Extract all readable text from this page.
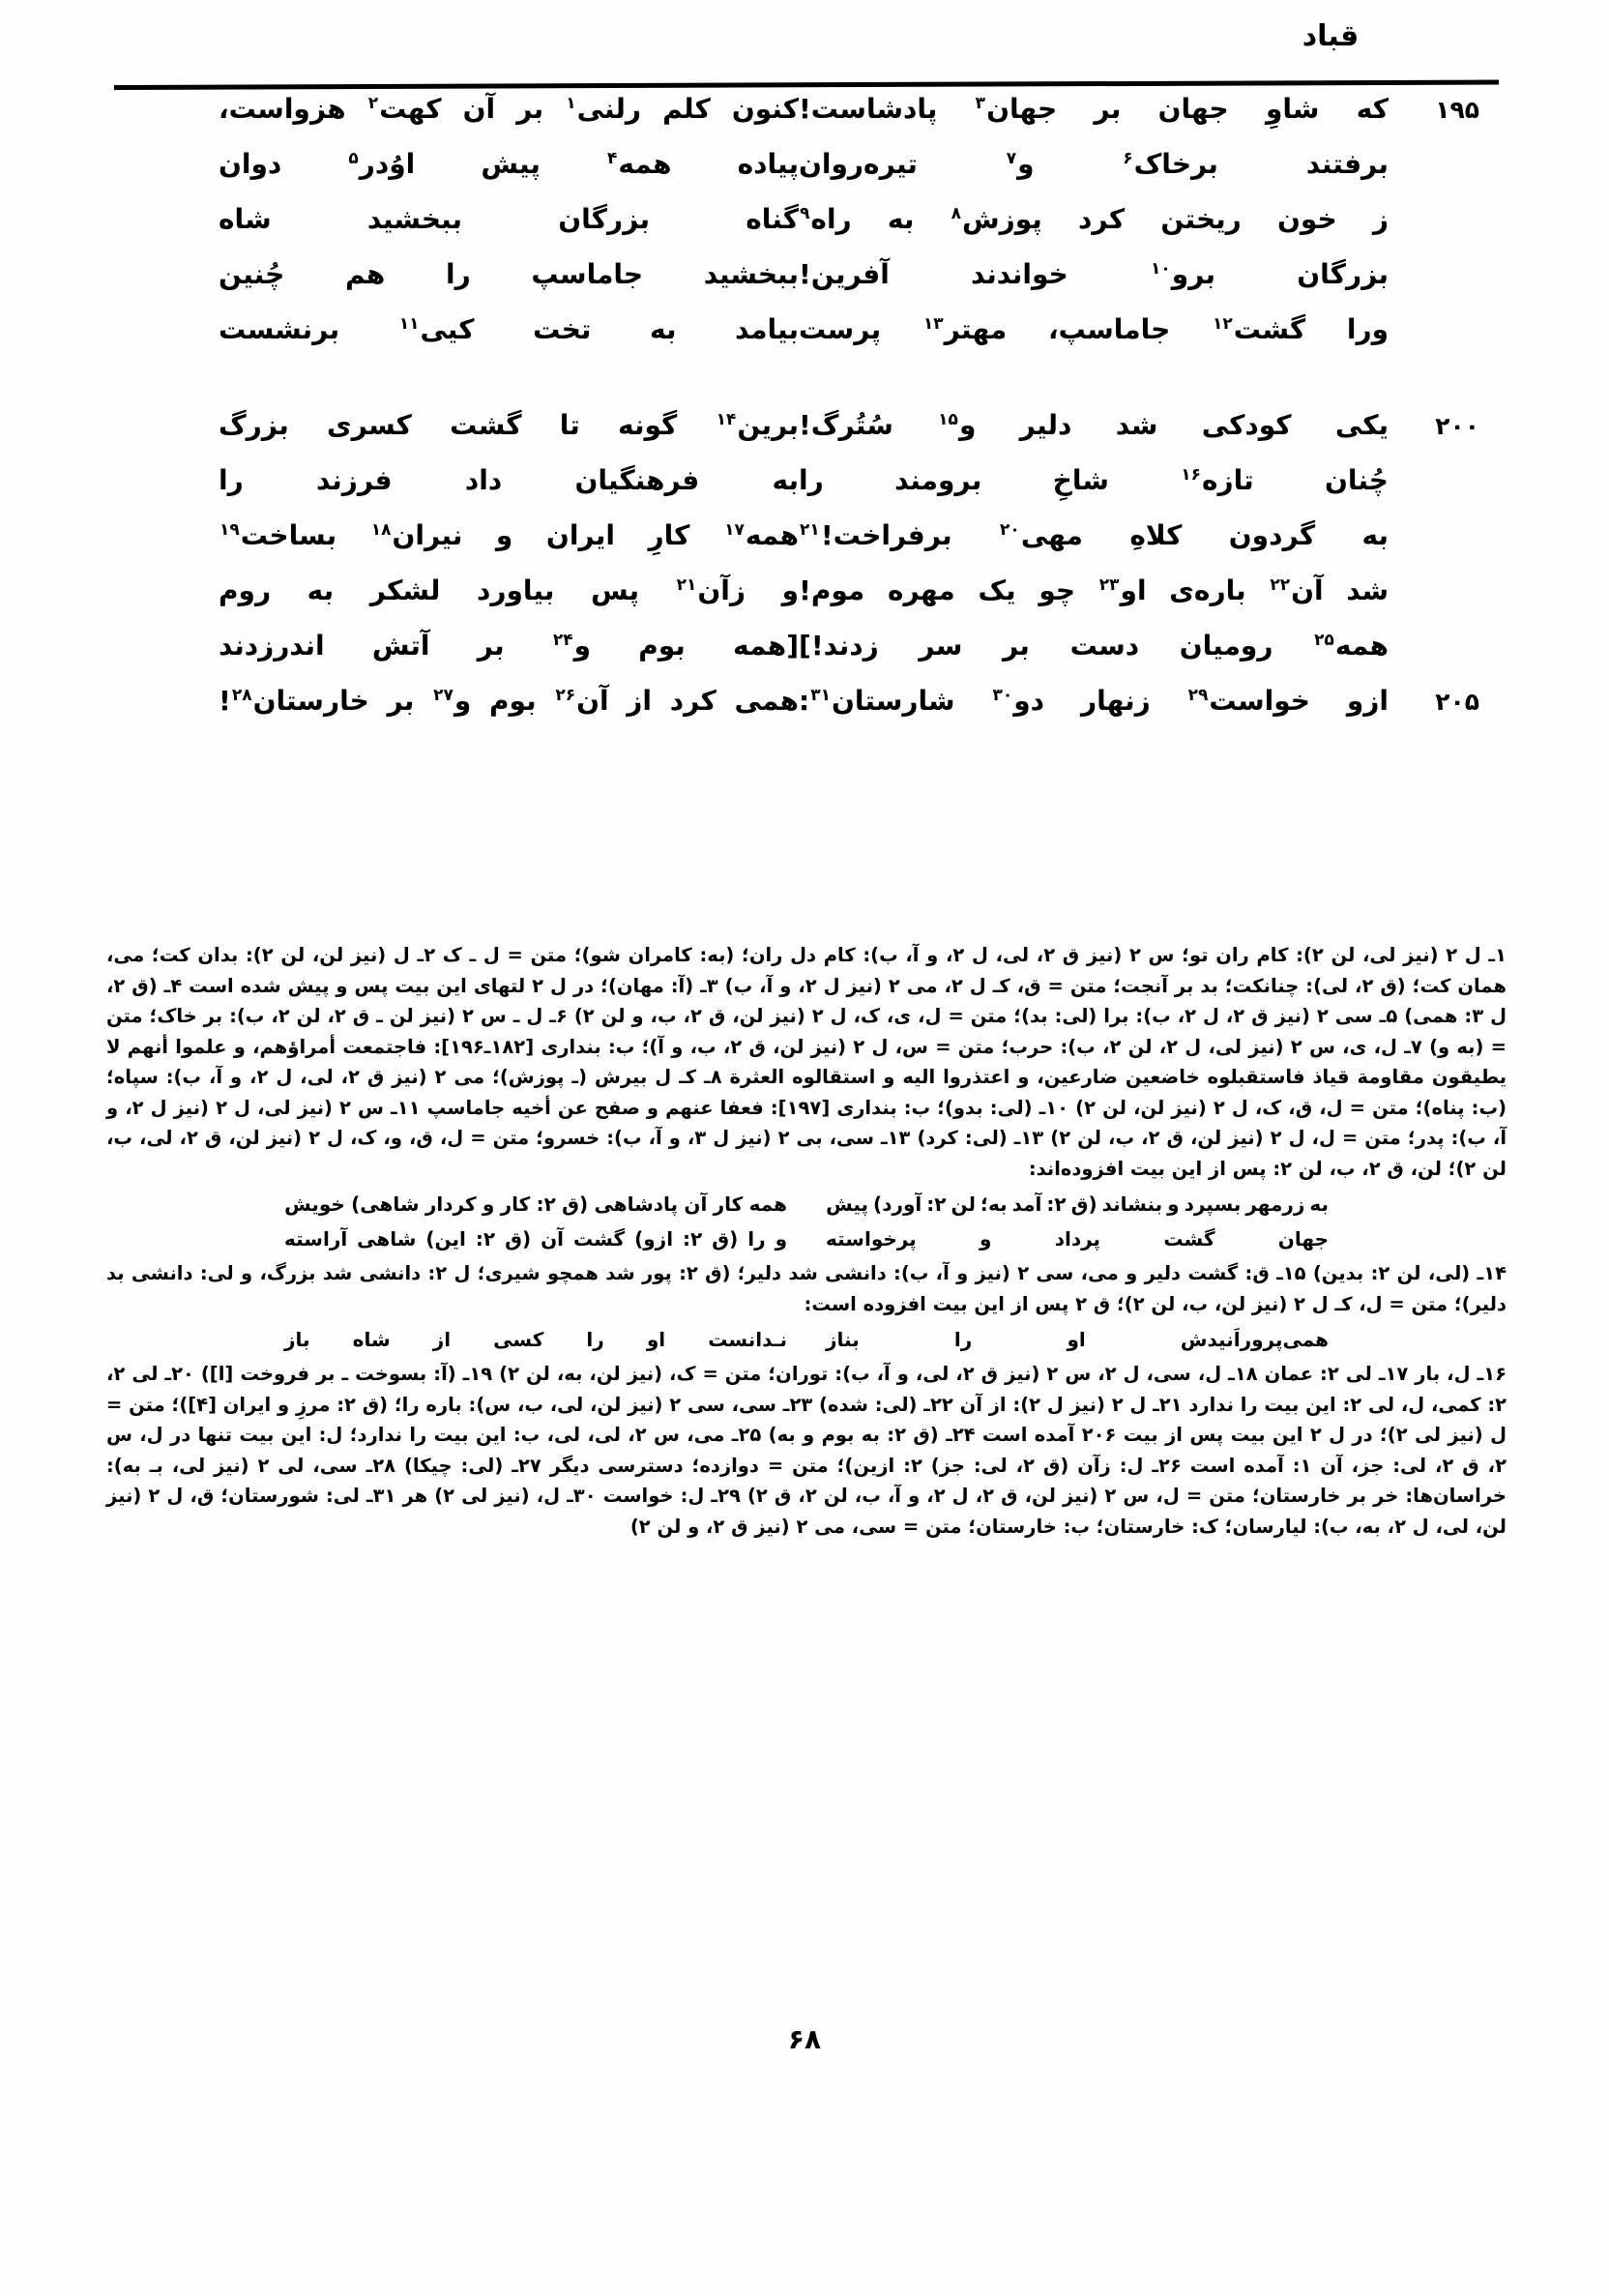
قباد
۱۹۵
که
شاوِ
جهان
بر
جهان$^۳$
پادشاست!
کنون
کلم
رلنی$^۱$
بر
آن
کهت$^۲$
هزواست،
برفتند
برخاک$^۶$
و$^۷$
تیره‌روان
پیاده
همه$^۴$
پیش
اوُدر$^۵$
دوان
ز
خون
ریختن
کرد
پوزش$^۸$
به
راه$^۹$
گناه
بزرگان
ببخشید
شاه
بزرگان
برو$^{۱۰}$
خواندند
آفرین!
ببخشید
جاماسپ
را
هم
چُنین
ورا
گشت$^{۱۲}$
جاماسپ،
مهتر$^{۱۳}$
پرست
بیامد
به
تخت
کیی$^{۱۱}$
برنشست
۲۰۰
یکی
کودکی
شد
دلیر
و$^{۱۵}$
سُتُرگ!
برین$^{۱۴}$
گونه
تا
گشت
کسری
بزرگ
چُنان
تازه$^{۱۶}$
شاخِ
برومند
را
به
فرهنگیان
داد
فرزند
را
به
گردون
کلاهِ
مهی$^{۲۰}$
برفراخت!$^{۲۱}$
همه$^{۱۷}$
کارِ
ایران
و
نیران$^{۱۸}$
بساخت$^{۱۹}$
شد
آن$^{۲۲}$
باره‌ی
او$^{۲۳}$
چو
یک
مهره
موم!
و
زآن$^{۲۱}$
پس
بیاورد
لشکر
به
روم
همه$^{۲۵}$
رومیان
دست
بر
سر
زدند!]
[همه
بوم
و$^{۲۴}$
بر
آتش
اندرزدند
۲۰۵
ازو
خواست$^{۲۹}$
زنهار
دو$^{۳۰}$
شارستان$^{۳۱}$:
همی
کرد
از
آن$^{۲۶}$
بوم
و$^{۲۷}$
بر
خارستان$^{۲۸}$!

۱ـ ل ۲ (نیز لی، لن ۲): کام ران تو؛ س ۲ (نیز ق ۲، لی، ل ۲، و آ، ب): کام دل ران؛ (به: کامران شو)؛ متن = ل ـ ک ۲ـ ل (نیز لن، لن ۲): بدان کت؛ می، همان کت؛ (ق ۲، لی): چنانکت؛ بد بر آنجت؛ متن = ق، کـ ل ۲، می ۲ (نیز ل ۲، و آ، ب) ۳ـ (آ: مهان)؛ در ل ۲ لتهای این بیت پس و پیش شده است ۴ـ (ق ۲، ل ۳: همی) ۵ـ سی ۲ (نیز ق ۲، ل ۲، ب): برا (لی: بد)؛ متن = ل، ی، ک، ل ۲ (نیز لن، ق ۲، ب، و لن ۲) ۶ـ ل ـ س ۲ (نیز لن ـ ق ۲، لن ۲، ب): بر خاک؛ متن = (به و) ۷ـ ل، ی، س ۲ (نیز لی، ل ۲، لن ۲، ب): حرب؛ متن = س، ل ۲ (نیز لن، ق ۲، ب، و آ)؛ ب: بنداری [۱۸۲ـ۱۹۶]: فاجتمعت أمراؤهم، و علموا أنهم لا یطیقون مقاومة قیاذ فاستقبلوه خاضعین ضارعین، و اعتذروا الیه و استقالوه العثرة ۸ـ کـ ل بیرش (ـ پوزش)؛ می ۲ (نیز ق ۲، لی، ل ۲، و آ، ب): سپاه؛ (ب: پناه)؛ متن = ل، ق، ک، ل ۲ (نیز لن، لن ۲) ۱۰ـ (لی: بدو)؛ ب: بنداری [۱۹۷]: فعفا عنهم و صفح عن أخیه جاماسپ ۱۱ـ س ۲ (نیز لی، ل ۲ (نیز ل ۲، و آ، ب): پدر؛ متن = ل، ل ۲ (نیز لن، ق ۲، ب، لن ۲) ۱۳ـ (لی: کرد) ۱۳ـ سی، بی ۲ (نیز ل ۳، و آ، ب): خسرو؛ متن = ل، ق، و، ک، ل ۲ (نیز لن، ق ۲، لی، ب، لن ۲)؛ لن، ق ۲، ب، لن ۲: پس از این بیت افزوده‌اند:

به
زرمهر
بسپرد
و
بنشاند
(ق
۲:
آمد
به؛
لن
۲:
آورد)
پیش
همه
کار
آن
پادشاهی
(ق
۲:
کار
و
کردار
شاهی)
خویش
جهان
گشت
پرداد
و
پرخواسته
و
را
(ق
۲:
ازو)
گشت
آن
(ق
۲:
این)
شاهی
آراسته

۱۴ـ (لی، لن ۲: بدین) ۱۵ـ ق: گشت دلیر و می، سی ۲ (نیز و آ، ب): دانشی شد دلیر؛ (ق ۲: پور شد همچو شیری؛ ل ۲: دانشی شد بزرگ، و لی: دانشی بد دلیر)؛ متن = ل، کـ ل ۲ (نیز لن، ب، لن ۲)؛ ق ۲ پس از این بیت افزوده است:

همی‌پروراَنیدش
او
را
بناز
نـدانست
او
را
کسی
از
شاه
باز

۱۶ـ ل، بار ۱۷ـ لی ۲: عمان ۱۸ـ ل، سی، ل ۲، س ۲ (نیز ق ۲، لی، و آ، ب): توران؛ متن = ک، (نیز لن، به، لن ۲) ۱۹ـ (آ: بسوخت ـ بر فروخت [ا]) ۲۰ـ لی ۲، ۲: کمی، ل، لی ۲: این بیت را ندارد ۲۱ـ ل ۲ (نیز ل ۲): از آن ۲۲ـ (لی: شده) ۲۳ـ سی، سی ۲ (نیز لن، لی، ب، س): باره را؛ (ق ۲: مرزِ و ایران [۴])؛ متن = ل (نیز لی ۲)؛ در ل ۲ این بیت پس از بیت ۲۰۶ آمده است ۲۴ـ (ق ۲: به بوم و به) ۲۵ـ می، س ۲، لی، لی، ب: این بیت را ندارد؛ ل: این بیت تنها در ل، س ۲، ق ۲، لی: جز، آن ۱: آمده است ۲۶ـ ل: زآن (ق ۲، لی: جز) ۲: ازین)؛ متن = دوازده؛ دسترسی دیگر ۲۷ـ (لی: چیکا) ۲۸ـ سی، لی ۲ (نیز لی، بـ به): خراسان‌ها: خر بر خارستان؛ متن = ل، س ۲ (نیز لن، ق ۲، ل ۲، و آ، ب، لن ۲، ق ۲) ۲۹ـ ل: خواست ۳۰ـ ل، (نیز لی ۲) هر ۳۱ـ لی: شورستان؛ ق، ل ۲ (نیز لن، لی، ل ۲، به، ب): لیارسان؛ ک: خارستان؛ ب: خارستان؛ متن = سی، می ۲ (نیز ق ۲، و لن ۲)

۶۸
